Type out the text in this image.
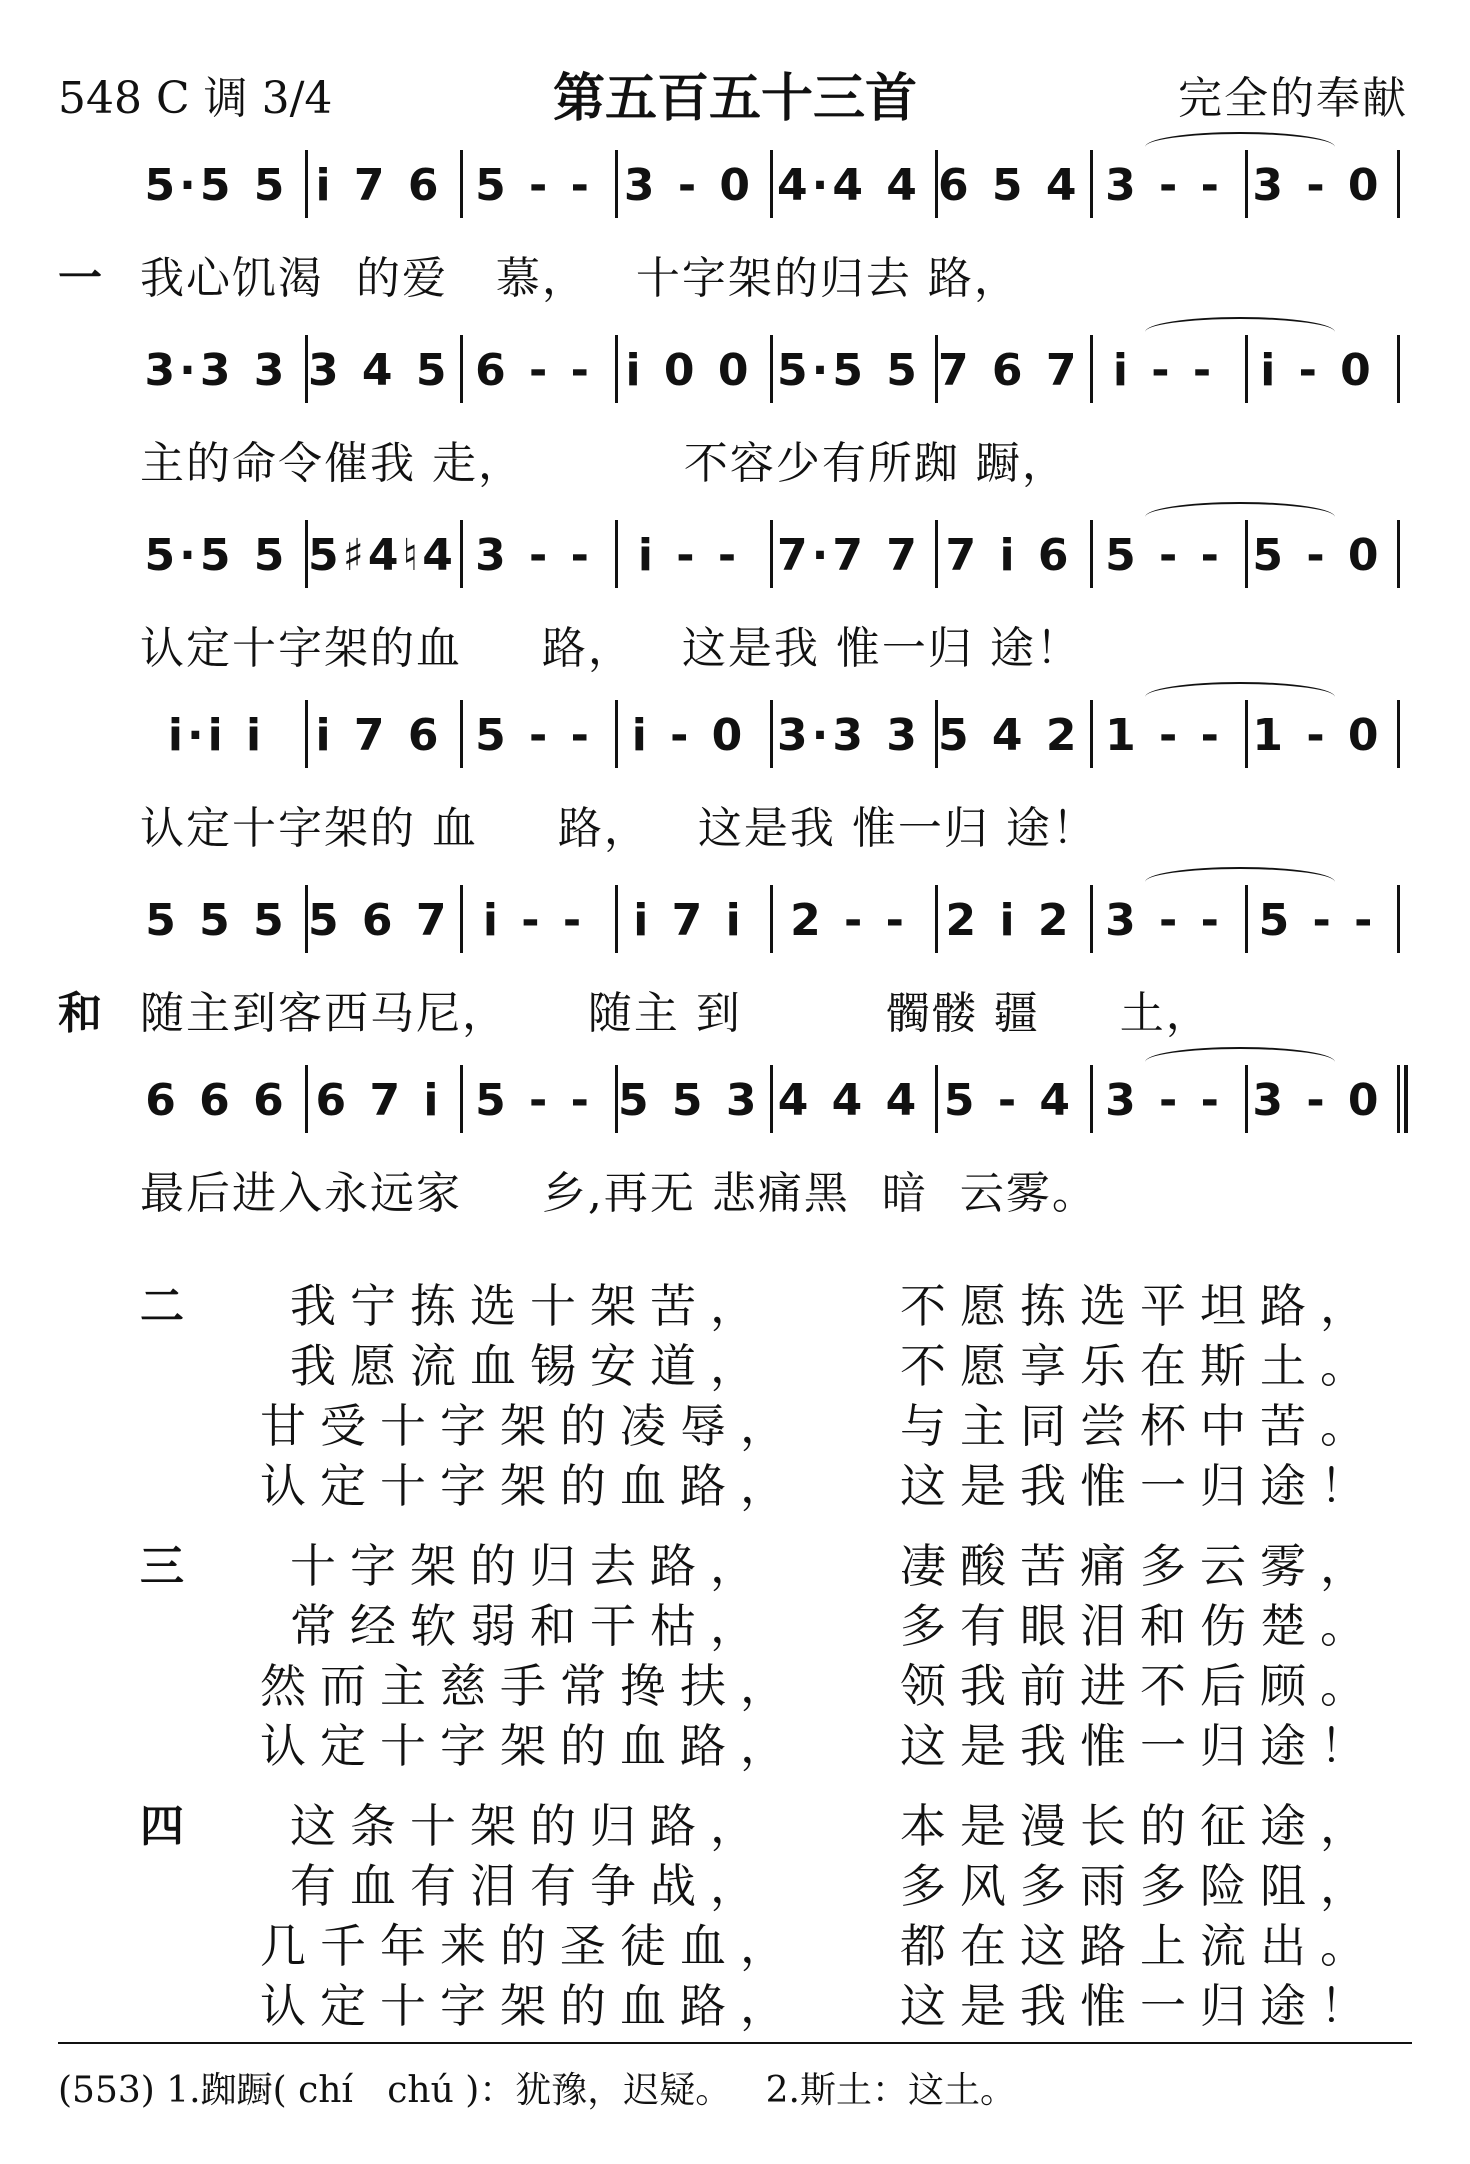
548 C 调 3/4	第五百五十三首	完全的奉献
5·5 5 i 7 6 5 - - 3 - 0 4·4 4 6 5 4 3 - - 3 - 0
一 我心饥渴  的爱   慕，   十字架的归去 路，
3·3 3 3 4 5 6 - - i 0 0 5·5 5 7 6 7 i - -	i - 0
主的命令催我 走，          不容少有所踟 蹰，
5·5 5 5♯4♮4 3 - -	i - - 7·7 7 7 i 6 5 - - 5 - 0
认定十字架的血     路，   这是我 惟一归 途！
i·i i	i 7 6 5 - - i - 0 3·3 3 5 4 2 1 - - 1 - 0
认定十字架的 血     路，   这是我 惟一归 途！
5 5 5 5 6 7 i - -	i 7 i	2 - - 2 i 2 3 - - 5 - -
和 随主到客西马尼，     随主 到         髑髅 疆     土，
6 6 6 6 7 i 5 - - 5 5 3 4 4 4 5 - 4 3 - - 3 - 0
最后进入永远家     乡,再无 悲痛黑  暗  云雾。
二 我宁拣选十架苦，	不愿拣选平坦路，
我愿流血锡安道，	不愿享乐在斯土。
甘受十字架的凌辱， 与主同尝杯中苦。
认定十字架的血路， 这是我惟一归途！
三 十字架的归去路，	凄酸苦痛多云雾，
常经软弱和干枯，	多有眼泪和伤楚。
然而主慈手常搀扶， 领我前进不后顾。
认定十字架的血路， 这是我惟一归途！
四 这条十架的归路，	本是漫长的征途，
有血有泪有争战，	多风多雨多险阻，
几千年来的圣徒血， 都在这路上流出。
认定十字架的血路， 这是我惟一归途！
(553) 1.踟蹰( chí   chú )：犹豫，迟疑。   2.斯土：这土。
